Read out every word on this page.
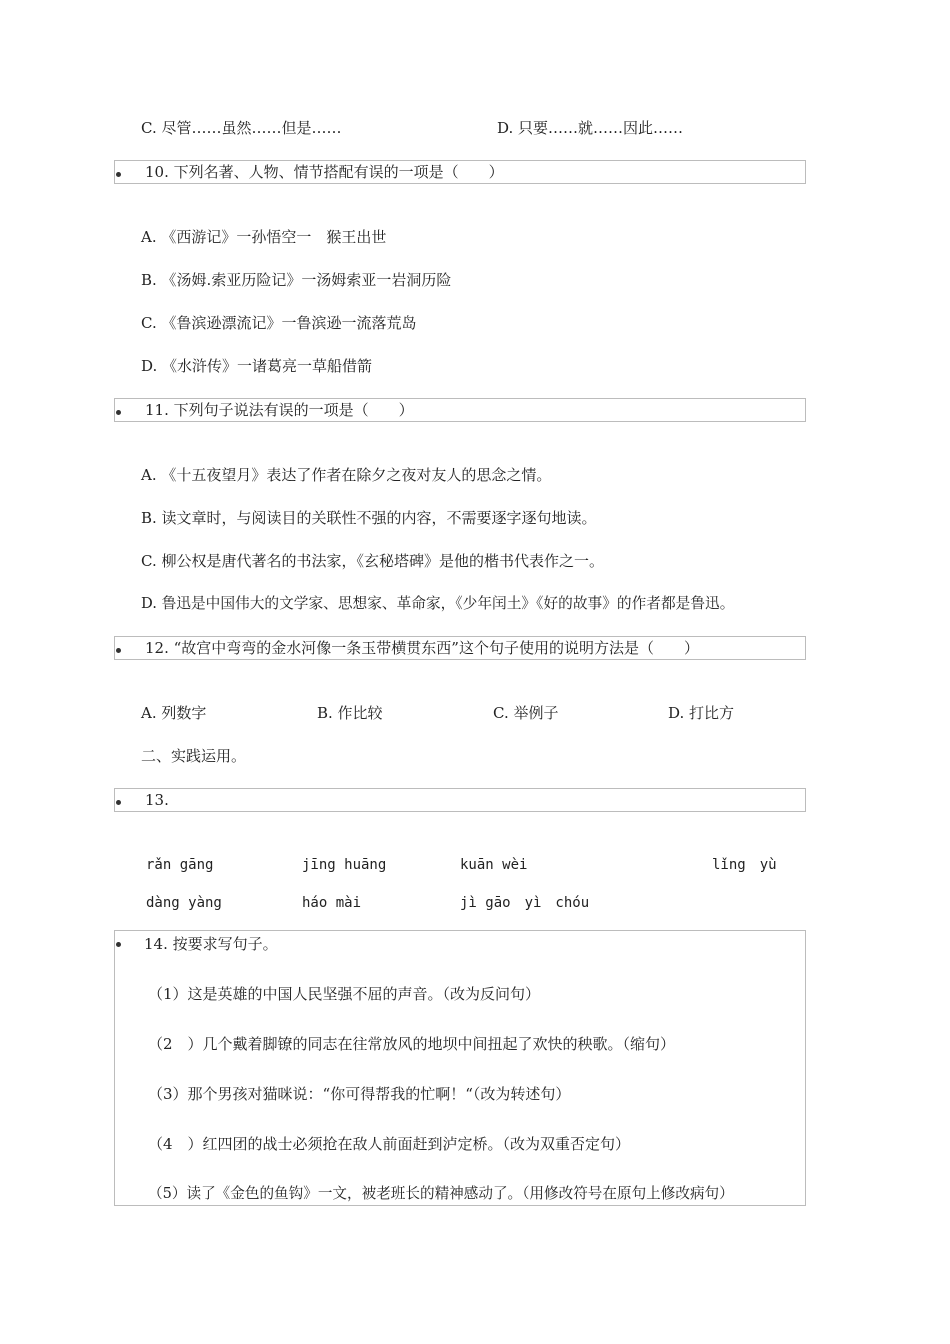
C. 尽管……虽然……但是……	D. 只要……就……因此……
10. 下列名著、人物、情节搭配有误的一项是（　　）
A. 《西游记》一孙悟空一　猴王出世
B. 《汤姆.索亚历险记》一汤姆索亚一岩洞历险
C. 《鲁滨逊漂流记》一鲁滨逊一流落荒岛
D. 《水浒传》一诸葛亮一草船借箭
11. 下列句子说法有误的一项是（　　）
A. 《十五夜望月》表达了作者在除夕之夜对友人的思念之情。
B. 读文章时，与阅读目的关联性不强的内容，不需要逐字逐句地读。
C. 柳公权是唐代著名的书法家，《玄秘塔碑》是他的楷书代表作之一。
D. 鲁迅是中国伟大的文学家、思想家、革命家，《少年闰土》《好的故事》的作者都是鲁迅。
12. “故宫中弯弯的金水河像一条玉带横贯东西”这个句子使用的说明方法是（　　）
A. 列数字	B. 作比较	C. 举例子	D. 打比方
二、实践运用。
13.
rǎn gāng	jīng huāng	kuān wèi	lǐng　yù
dàng yàng	háo mài	jì gāo　yì　chóu
14. 按要求写句子。
（1）这是英雄的中国人民坚强不屈的声音。（改为反问句）
（2　）几个戴着脚镣的同志在往常放风的地坝中间扭起了欢快的秧歌。（缩句）
（3）那个男孩对猫咪说：“你可得帮我的忙啊！“（改为转述句）
（4　）红四团的战士必须抢在敌人前面赶到泸定桥。（改为双重否定句）
（5）读了《金色的鱼钩》一文，被老班长的精神感动了。（用修改符号在原句上修改病句）
